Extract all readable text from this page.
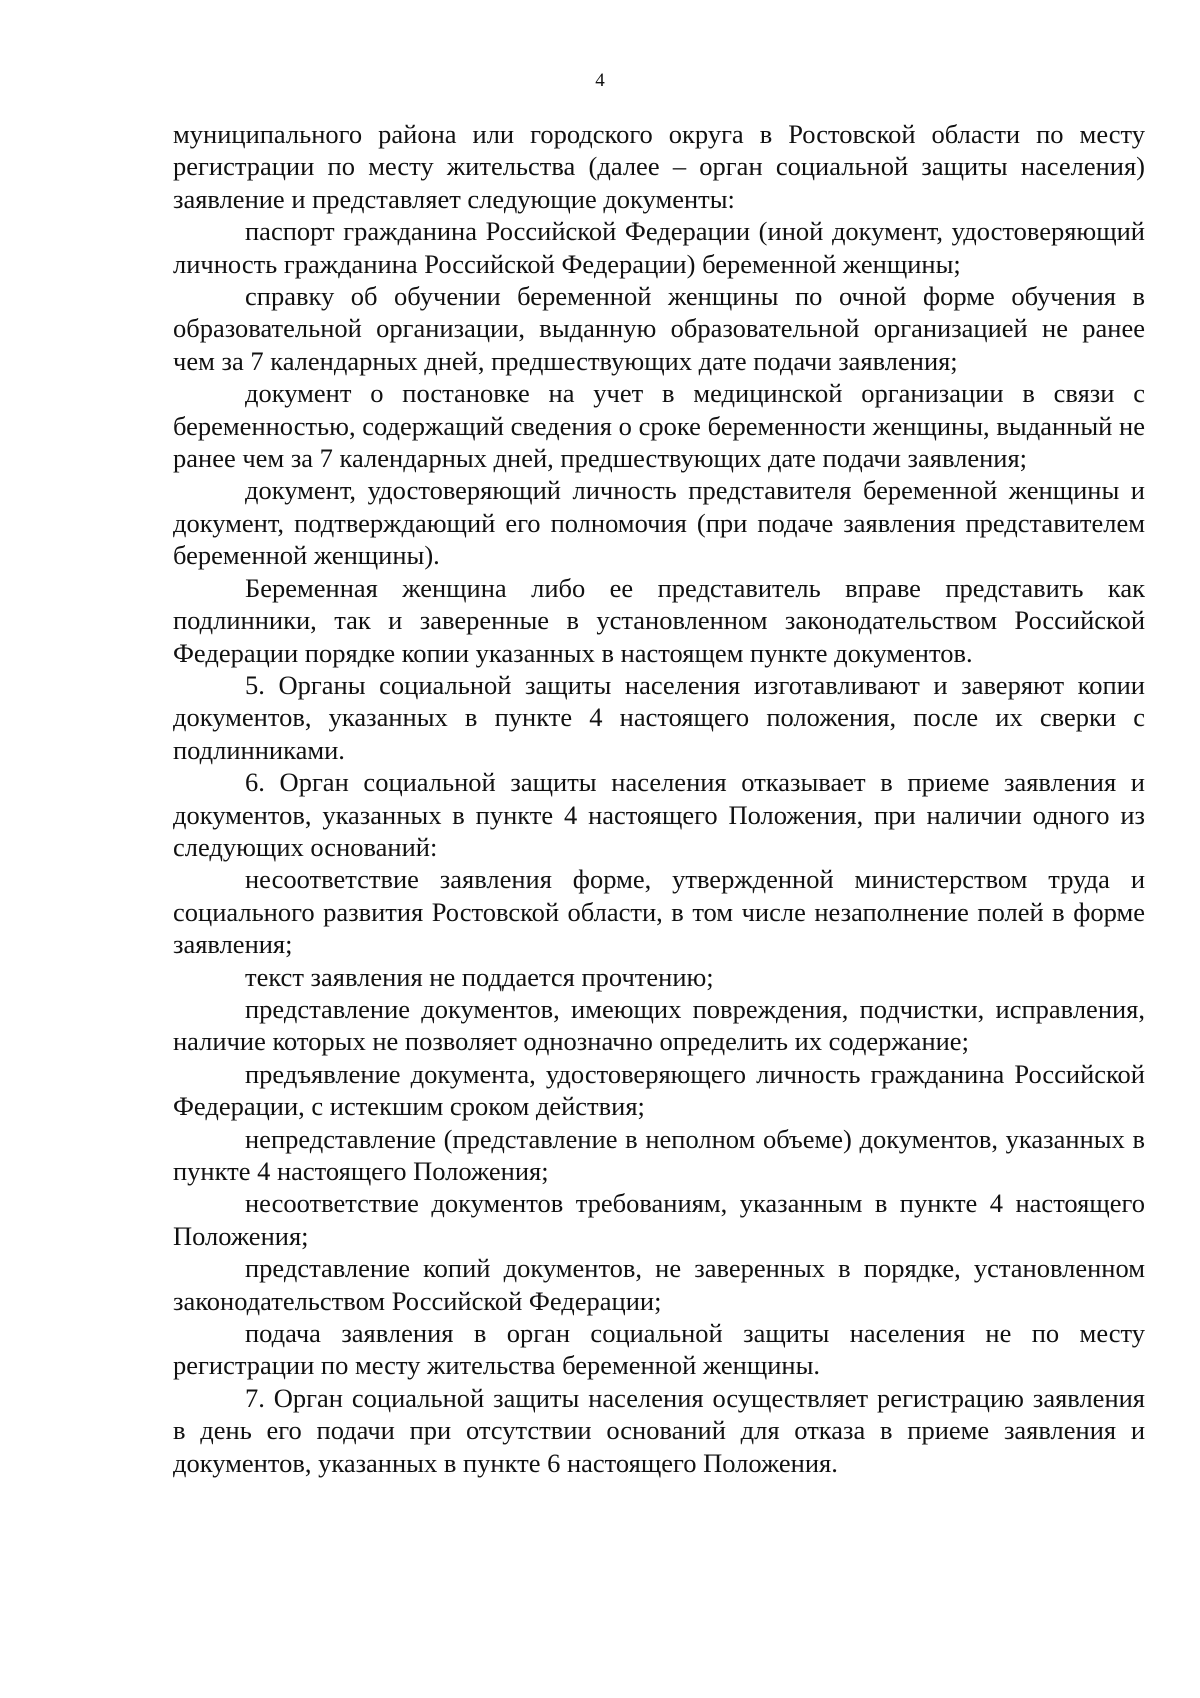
4

муниципального района или городского округа в Ростовской области по месту регистрации по месту жительства (далее – орган социальной защиты населения) заявление и представляет следующие документы:

паспорт гражданина Российской Федерации (иной документ, удостоверяющий личность гражданина Российской Федерации) беременной женщины;

справку об обучении беременной женщины по очной форме обучения в образовательной организации, выданную образовательной организацией не ранее чем за 7 календарных дней, предшествующих дате подачи заявления;

документ о постановке на учет в медицинской организации в связи с беременностью, содержащий сведения о сроке беременности женщины, выданный не ранее чем за 7 календарных дней, предшествующих дате подачи заявления;

документ, удостоверяющий личность представителя беременной женщины и документ, подтверждающий его полномочия (при подаче заявления представителем беременной женщины).

Беременная женщина либо ее представитель вправе представить как подлинники, так и заверенные в установленном законодательством Российской Федерации порядке копии указанных в настоящем пункте документов.

5. Органы социальной защиты населения изготавливают и заверяют копии документов, указанных в пункте 4 настоящего положения, после их сверки с подлинниками.

6. Орган социальной защиты населения отказывает в приеме заявления и документов, указанных в пункте 4 настоящего Положения, при наличии одного из следующих оснований:

несоответствие заявления форме, утвержденной министерством труда и социального развития Ростовской области, в том числе незаполнение полей в форме заявления;

текст заявления не поддается прочтению;

представление документов, имеющих повреждения, подчистки, исправления, наличие которых не позволяет однозначно определить их содержание;

предъявление документа, удостоверяющего личность гражданина Российской Федерации, с истекшим сроком действия;

непредставление (представление в неполном объеме) документов, указанных в пункте 4 настоящего Положения;

несоответствие документов требованиям, указанным в пункте 4 настоящего Положения;

представление копий документов, не заверенных в порядке, установленном законодательством Российской Федерации;

подача заявления в орган социальной защиты населения не по месту регистрации по месту жительства беременной женщины.

7. Орган социальной защиты населения осуществляет регистрацию заявления в день его подачи при отсутствии оснований для отказа в приеме заявления и документов, указанных в пункте 6 настоящего Положения.
